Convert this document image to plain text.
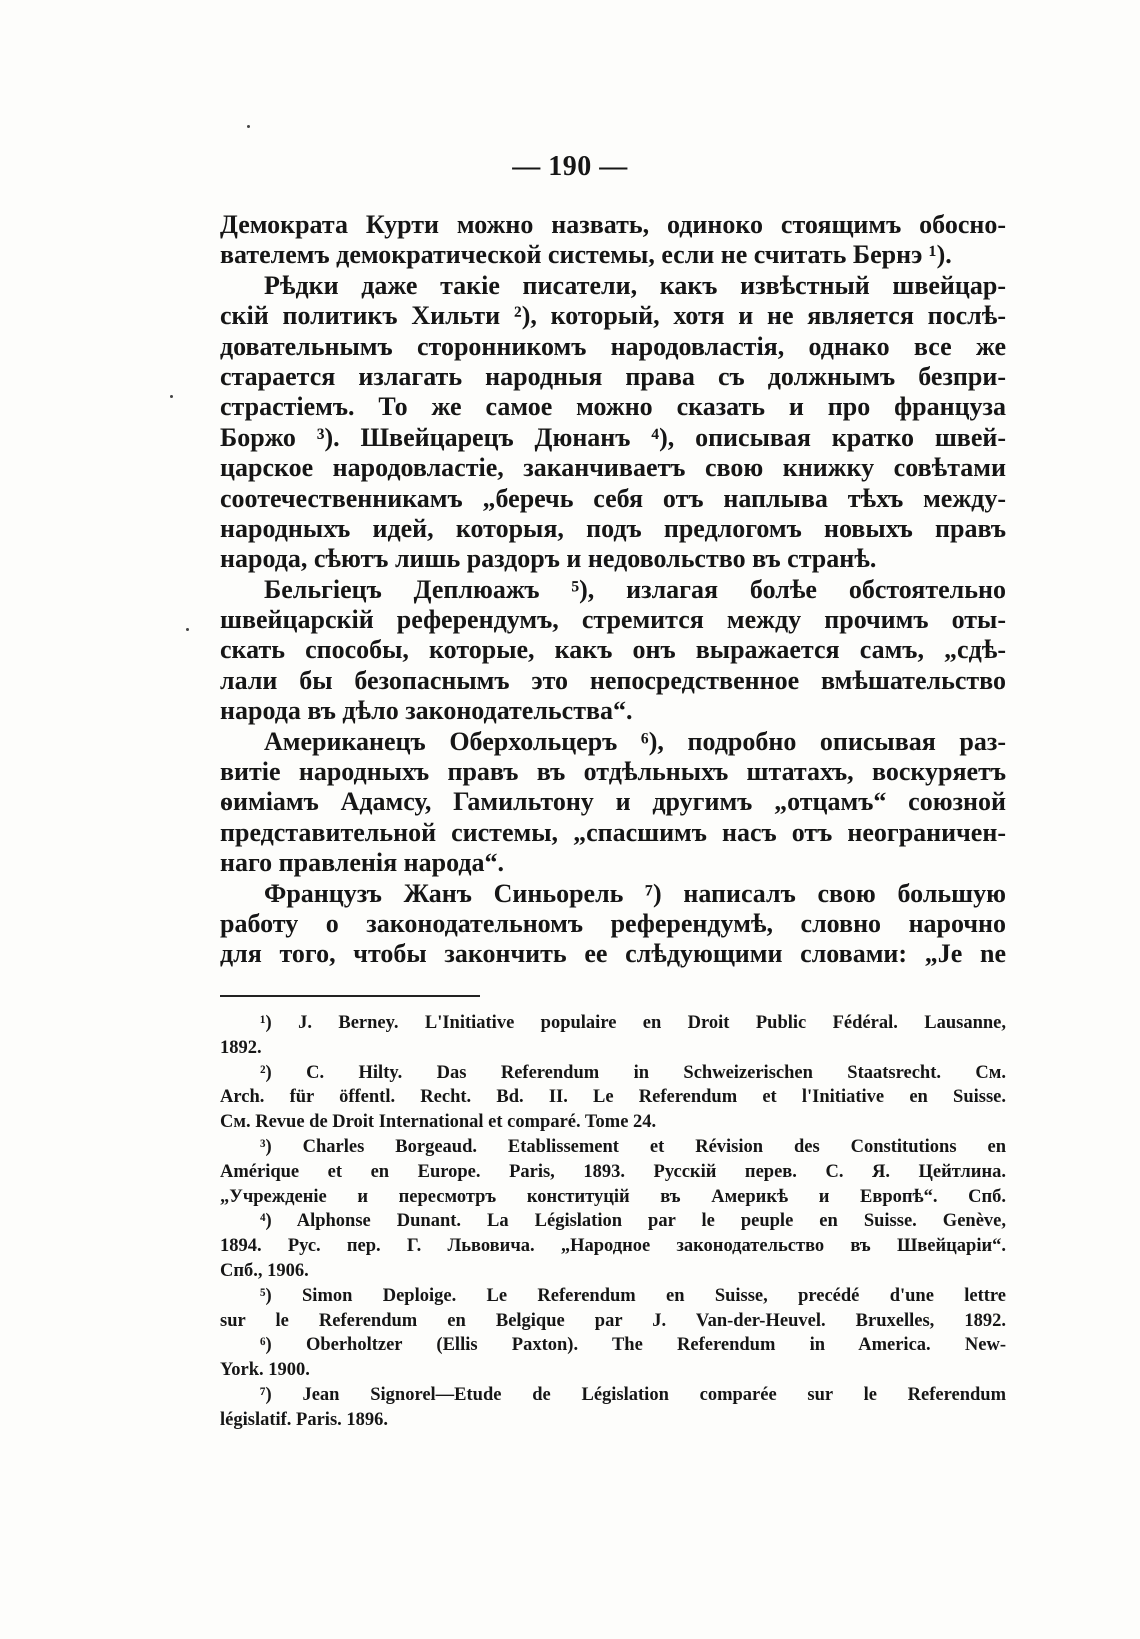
— 190 —
Демократа Курти можно назвать, одиноко стоящимъ обосно-
вателемъ демократической системы, если не считать Бернэ ¹).
Рѣдки даже такіе писатели, какъ извѣстный швейцар-
скій политикъ Хильти ²), который, хотя и не является послѣ-
довательнымъ сторонникомъ народовластія, однако все же
старается излагать народныя права съ должнымъ безпри-
страстіемъ. То же самое можно сказать и про француза
Боржо ³). Швейцарецъ Дюнанъ ⁴), описывая кратко швей-
царское народовластіе, заканчиваетъ свою книжку совѣтами
соотечественникамъ „беречь себя отъ наплыва тѣхъ между-
народныхъ идей, которыя, подъ предлогомъ новыхъ правъ
народа, сѣютъ лишь раздоръ и недовольство въ странѣ.
Бельгіецъ Деплюажъ ⁵), излагая болѣе обстоятельно
швейцарскій референдумъ, стремится между прочимъ оты-
скать способы, которые, какъ онъ выражается самъ, „сдѣ-
лали бы безопаснымъ это непосредственное вмѣшательство
народа въ дѣло законодательства“.
Американецъ Оберхольцеръ ⁶), подробно описывая раз-
витіе народныхъ правъ въ отдѣльныхъ штатахъ, воскуряетъ
ѳиміамъ Адамсу, Гамильтону и другимъ „отцамъ“ союзной
представительной системы, „спасшимъ насъ отъ неограничен-
наго правленія народа“.
Французъ Жанъ Синьорель ⁷) написалъ свою большую
работу о законодательномъ референдумѣ, словно нарочно
для того, чтобы закончить ее слѣдующими словами: „Je ne
¹) J. Berney. L'Initiative populaire en Droit Public Fédéral. Lausanne,
1892.
²) C. Hilty. Das Referendum in Schweizerischen Staatsrecht. См.
Arch. für öffentl. Recht. Bd. II. Le Referendum et l'Initiative en Suisse.
См. Revue de Droit International et comparé. Tome 24.
³) Charles Borgeaud. Etablissement et Révision des Constitutions en
Amérique et en Europe. Paris, 1893. Русскій перев. С. Я. Цейтлина.
„Учрежденіе и пересмотръ конституцій въ Америкѣ и Европѣ“. Спб.
⁴) Alphonse Dunant. La Législation par le peuple en Suisse. Genève,
1894. Рус. пер. Г. Львовича. „Народное законодательство въ Швейцаріи“.
Спб., 1906.
⁵) Simon Deploige. Le Referendum en Suisse, precédé d'une lettre
sur le Referendum en Belgique par J. Van-der-Heuvel. Bruxelles, 1892.
⁶) Oberholtzer (Ellis Paxton). The Referendum in America. New-
York. 1900.
⁷) Jean Signorel—Etude de Législation comparée sur le Referendum
législatif. Paris. 1896.
